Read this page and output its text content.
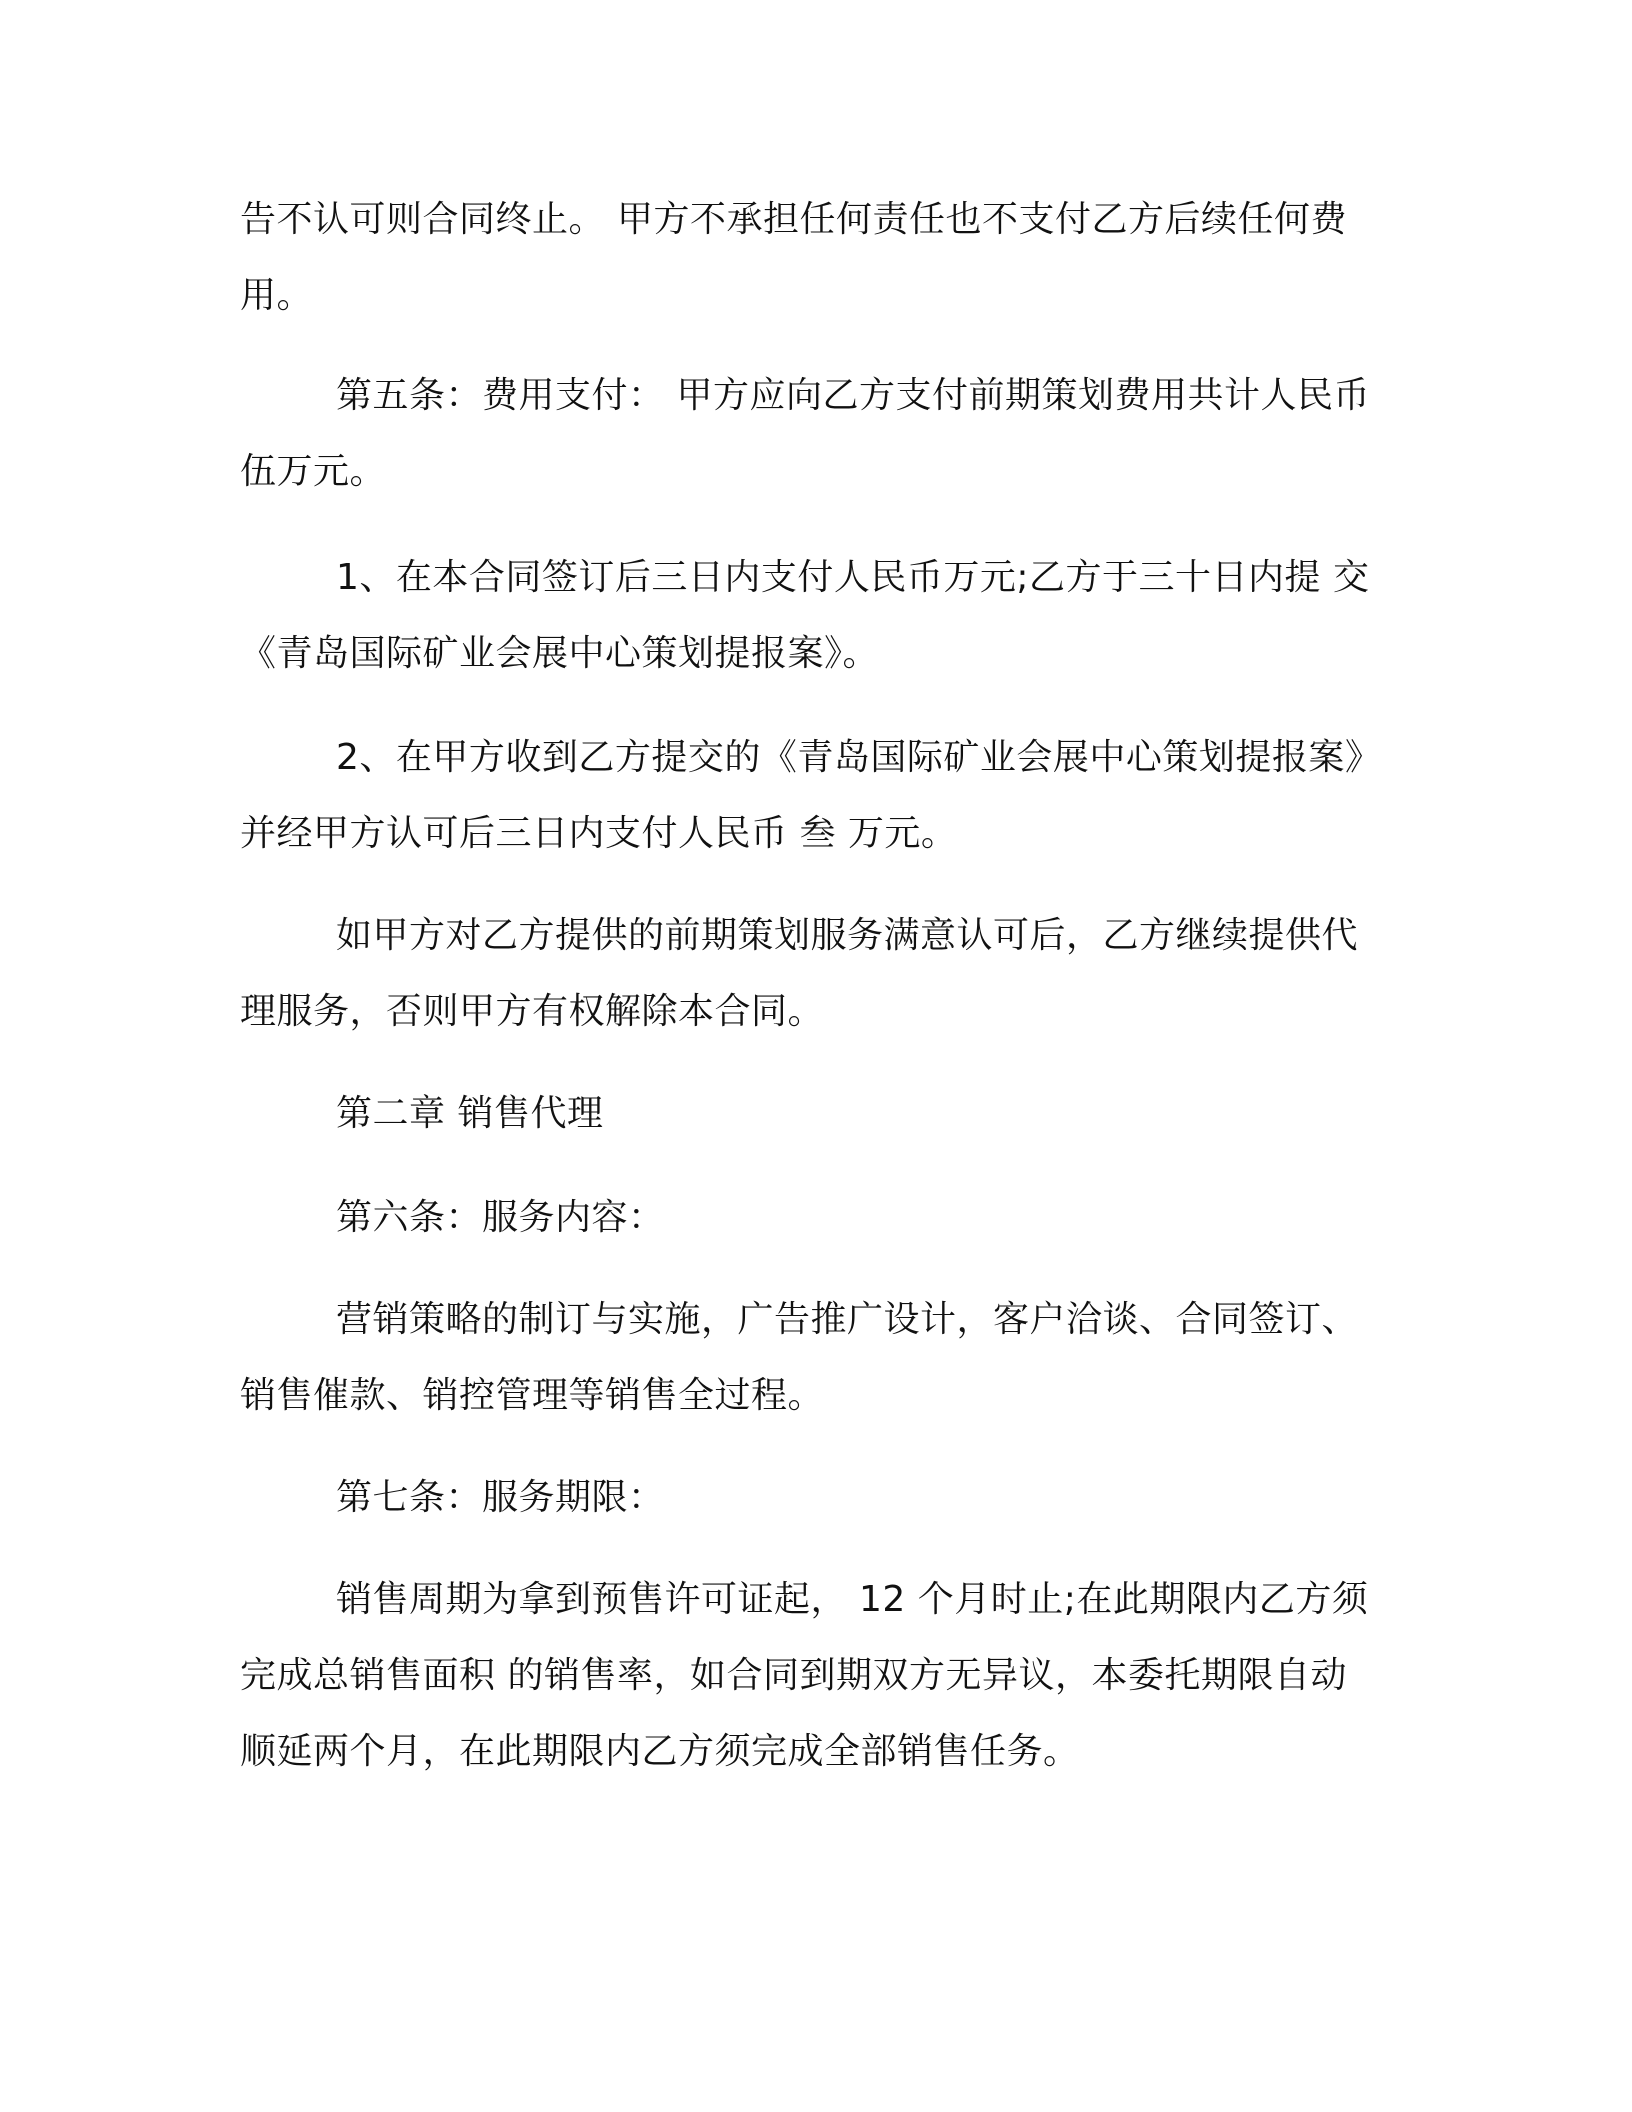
告不认可则合同终止。 甲方不承担任何责任也不支付乙方后续任何费
用。
第五条：费用支付： 甲方应向乙方支付前期策划费用共计人民币
伍万元。
1、在本合同签订后三日内支付人民币万元;乙方于三十日内提 交
《青岛国际矿业会展中心策划提报案》。
2、在甲方收到乙方提交的《青岛国际矿业会展中心策划提报案》
并经甲方认可后三日内支付人民币 叁 万元。
如甲方对乙方提供的前期策划服务满意认可后，乙方继续提供代
理服务，否则甲方有权解除本合同。
第二章 销售代理
第六条：服务内容：
营销策略的制订与实施，广告推广设计，客户洽谈、合同签订、
销售催款、销控管理等销售全过程。
第七条：服务期限：
销售周期为拿到预售许可证起， 12 个月时止;在此期限内乙方须
完成总销售面积 的销售率，如合同到期双方无异议，本委托期限自动
顺延两个月，在此期限内乙方须完成全部销售任务。
